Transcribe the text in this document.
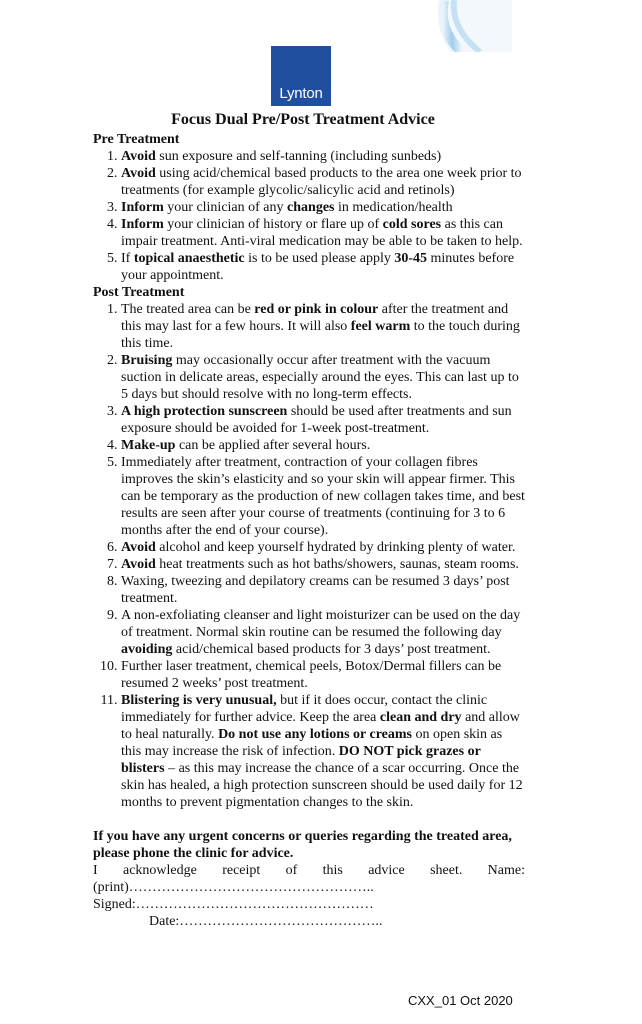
Lynton
Focus Dual Pre/Post Treatment Advice
Pre Treatment
1. Avoid sun exposure and self-tanning (including sunbeds)
2. Avoid using acid/chemical based products to the area one week prior to treatments (for example glycolic/salicylic acid and retinols)
3. Inform your clinician of any changes in medication/health
4. Inform your clinician of history or flare up of cold sores as this can impair treatment. Anti-viral medication may be able to be taken to help.
5. If topical anaesthetic is to be used please apply 30-45 minutes before your appointment.
Post Treatment
1. The treated area can be red or pink in colour after the treatment and this may last for a few hours. It will also feel warm to the touch during this time.
2. Bruising may occasionally occur after treatment with the vacuum suction in delicate areas, especially around the eyes. This can last up to 5 days but should resolve with no long-term effects.
3. A high protection sunscreen should be used after treatments and sun exposure should be avoided for 1-week post-treatment.
4. Make-up can be applied after several hours.
5. Immediately after treatment, contraction of your collagen fibres improves the skin’s elasticity and so your skin will appear firmer. This can be temporary as the production of new collagen takes time, and best results are seen after your course of treatments (continuing for 3 to 6 months after the end of your course).
6. Avoid alcohol and keep yourself hydrated by drinking plenty of water.
7. Avoid heat treatments such as hot baths/showers, saunas, steam rooms.
8. Waxing, tweezing and depilatory creams can be resumed 3 days’ post treatment.
9. A non-exfoliating cleanser and light moisturizer can be used on the day of treatment. Normal skin routine can be resumed the following day avoiding acid/chemical based products for 3 days’ post treatment.
10. Further laser treatment, chemical peels, Botox/Dermal fillers can be resumed 2 weeks’ post treatment.
11. Blistering is very unusual, but if it does occur, contact the clinic immediately for further advice. Keep the area clean and dry and allow to heal naturally. Do not use any lotions or creams on open skin as this may increase the risk of infection. DO NOT pick grazes or blisters – as this may increase the chance of a scar occurring. Once the skin has healed, a high protection sunscreen should be used daily for 12 months to prevent pigmentation changes to the skin.
If you have any urgent concerns or queries regarding the treated area, please phone the clinic for advice.
I acknowledge receipt of this advice sheet. Name:
(print)……………………………………………..
Signed:……………………………………………
Date:……………………………………..
CXX_01 Oct 2020
